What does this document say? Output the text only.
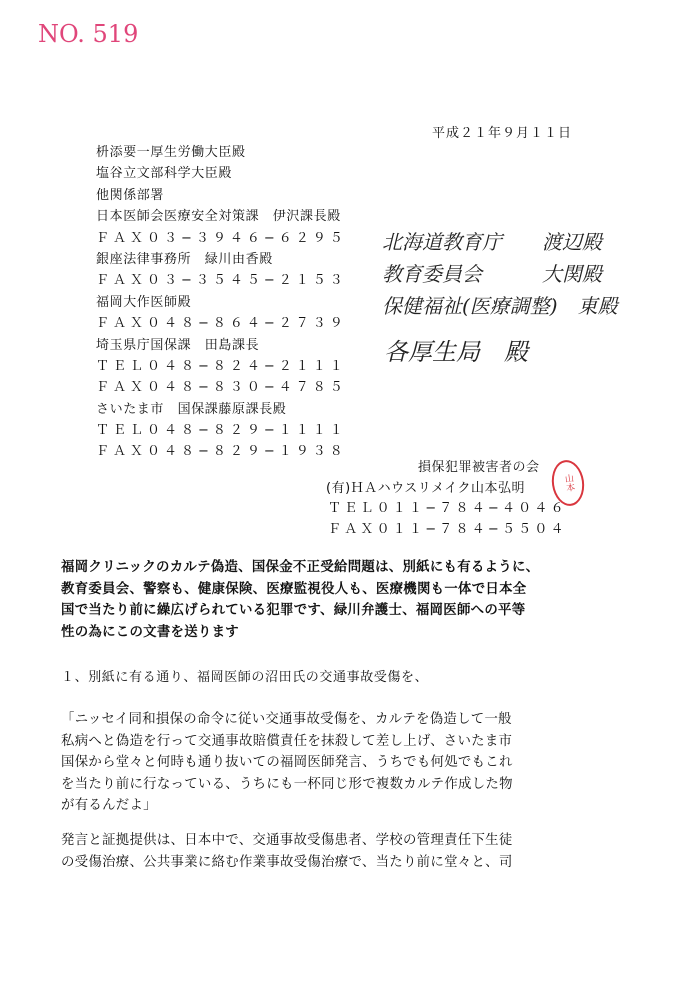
NO. 519
平成２１年９月１１日
枡添要一厚生労働大臣殿
塩谷立文部科学大臣殿
他関係部署
日本医師会医療安全対策課　伊沢課長殿
ＦＡＸ０３−３９４６−６２９５
銀座法律事務所　緑川由香殿
ＦＡＸ０３−３５４５−２１５３
福岡大作医師殿
ＦＡＸ０４８−８６４−２７３９
埼玉県庁国保課　田島課長
ＴＥＬ０４８−８２４−２１１１
ＦＡＸ０４８−８３０−４７８５
さいたま市　国保課藤原課長殿
ＴＥＬ０４８−８２９−１１１１
ＦＡＸ０４８−８２９−１９３８
北海道教育庁　　渡辺殿
教育委員会　　　大関殿
保健福祉(医療調整)　東殿
各厚生局　殿
損保犯罪被害者の会
(有)ＨＡハウスリメイク山本弘明
ＴＥＬ０１１−７８４−４０４６
ＦＡＸ０１１−７８４−５５０４
山本
福岡クリニックのカルテ偽造、国保金不正受給問題は、別紙にも有るように、
教育委員会、警察も、健康保険、医療監視役人も、医療機関も一体で日本全
国で当たり前に繰広げられている犯罪です、緑川弁護士、福岡医師への平等
性の為にこの文書を送ります
１、別紙に有る通り、福岡医師の沼田氏の交通事故受傷を、
「ニッセイ同和損保の命令に従い交通事故受傷を、カルテを偽造して一般
私病へと偽造を行って交通事故賠償責任を抹殺して差し上げ、さいたま市
国保から堂々と何時も通り抜いての福岡医師発言、うちでも何処でもこれ
を当たり前に行なっている、うちにも一杯同じ形で複数カルテ作成した物
が有るんだよ」
発言と証拠提供は、日本中で、交通事故受傷患者、学校の管理責任下生徒
の受傷治療、公共事業に絡む作業事故受傷治療で、当たり前に堂々と、司
